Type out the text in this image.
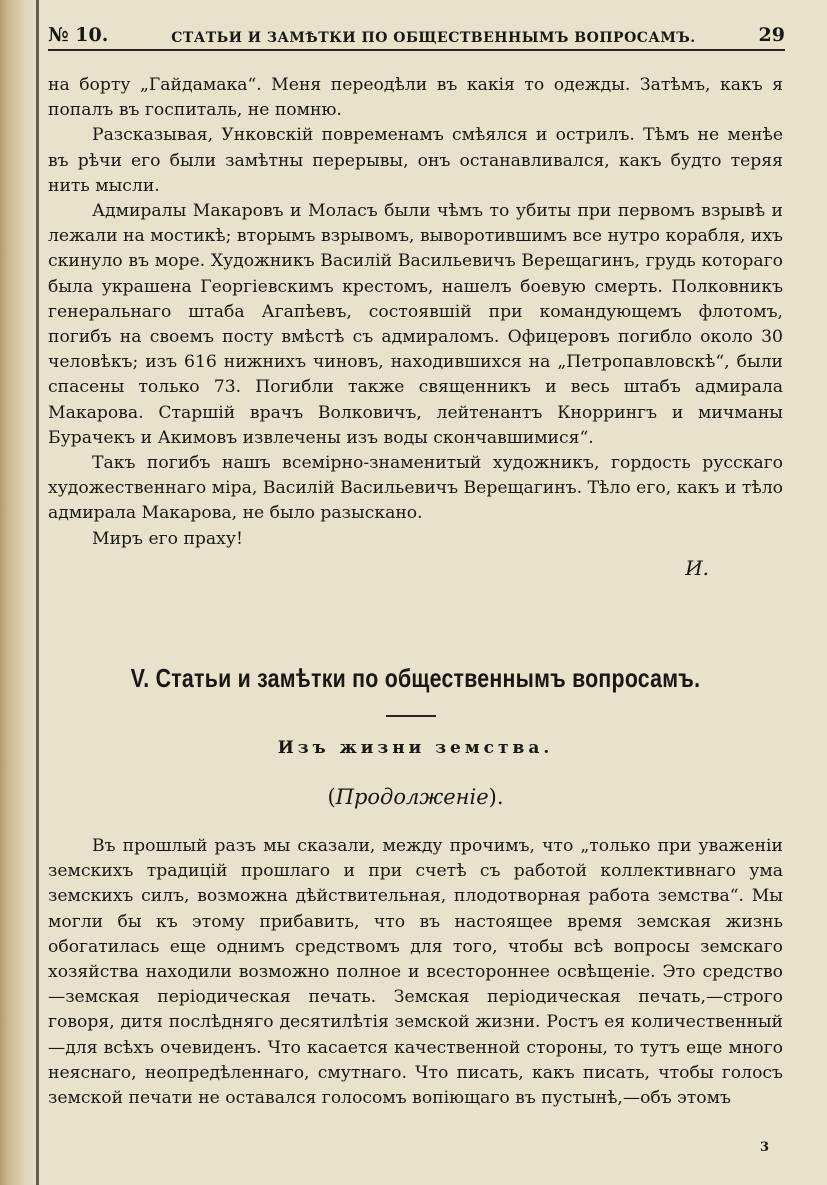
№ 10.	СТАТЬИ И ЗАМѢТКИ ПО ОБЩЕСТВЕННЫМЪ ВОПРОСАМЪ.	29

на борту „Гайдамака“. Меня переодѣли въ какія то одежды. Затѣмъ, какъ я попалъ въ госпиталь, не помню.

Разсказывая, Унковскій повременамъ смѣялся и острилъ. Тѣмъ не менѣе въ рѣчи его были замѣтны перерывы, онъ останавливался, какъ будто теряя нить мысли.

Адмиралы Макаровъ и Моласъ были чѣмъ то убиты при первомъ взрывѣ и лежали на мостикѣ; вторымъ взрывомъ, выворотившимъ все нутро корабля, ихъ скинуло въ море. Художникъ Василій Васильевичъ Верещагинъ, грудь котораго была украшена Георгіевскимъ крестомъ, нашелъ боевую смерть. Полковникъ генеральнаго штаба Агапѣевъ, состоявшій при командующемъ флотомъ, погибъ на своемъ посту вмѣстѣ съ адмираломъ. Офицеровъ погибло около 30 человѣкъ; изъ 616 нижнихъ чиновъ, находившихся на „Петропавловскѣ“, были спасены только 73. Погибли также священникъ и весь штабъ адмирала Макарова. Старшій врачъ Волковичъ, лейтенантъ Кноррингъ и мичманы Бурачекъ и Акимовъ извлечены изъ воды скончавшимися“.

Такъ погибъ нашъ всемірно-знаменитый художникъ, гордость русскаго художественнаго міра, Василій Васильевичъ Верещагинъ. Тѣло его, какъ и тѣло адмирала Макарова, не было разыскано.

Миръ его праху!

И.
V. Статьи и замѣтки по общественнымъ вопросамъ.
Изъ жизни земства.
(Продолженіе).

Въ прошлый разъ мы сказали, между прочимъ, что „только при уваженіи земскихъ традицій прошлаго и при счетѣ съ работой коллективнаго ума земскихъ силъ, возможна дѣйствительная, плодотворная работа земства“. Мы могли бы къ этому прибавить, что въ настоящее время земская жизнь обогатилась еще однимъ средствомъ для того, чтобы всѣ вопросы земскаго хозяйства находили возможно полное и всестороннее освѣщеніе. Это средство—земская періодическая печать. Земская періодическая печать,—строго говоря, дитя послѣдняго десятилѣтія земской жизни. Ростъ ея количественный—для всѣхъ очевиденъ. Что касается качественной стороны, то тутъ еще много неяснаго, неопредѣленнаго, смутнаго. Что писать, какъ писать, чтобы голосъ земской печати не оставался голосомъ вопіющаго въ пустынѣ,—объ этомъ

3
